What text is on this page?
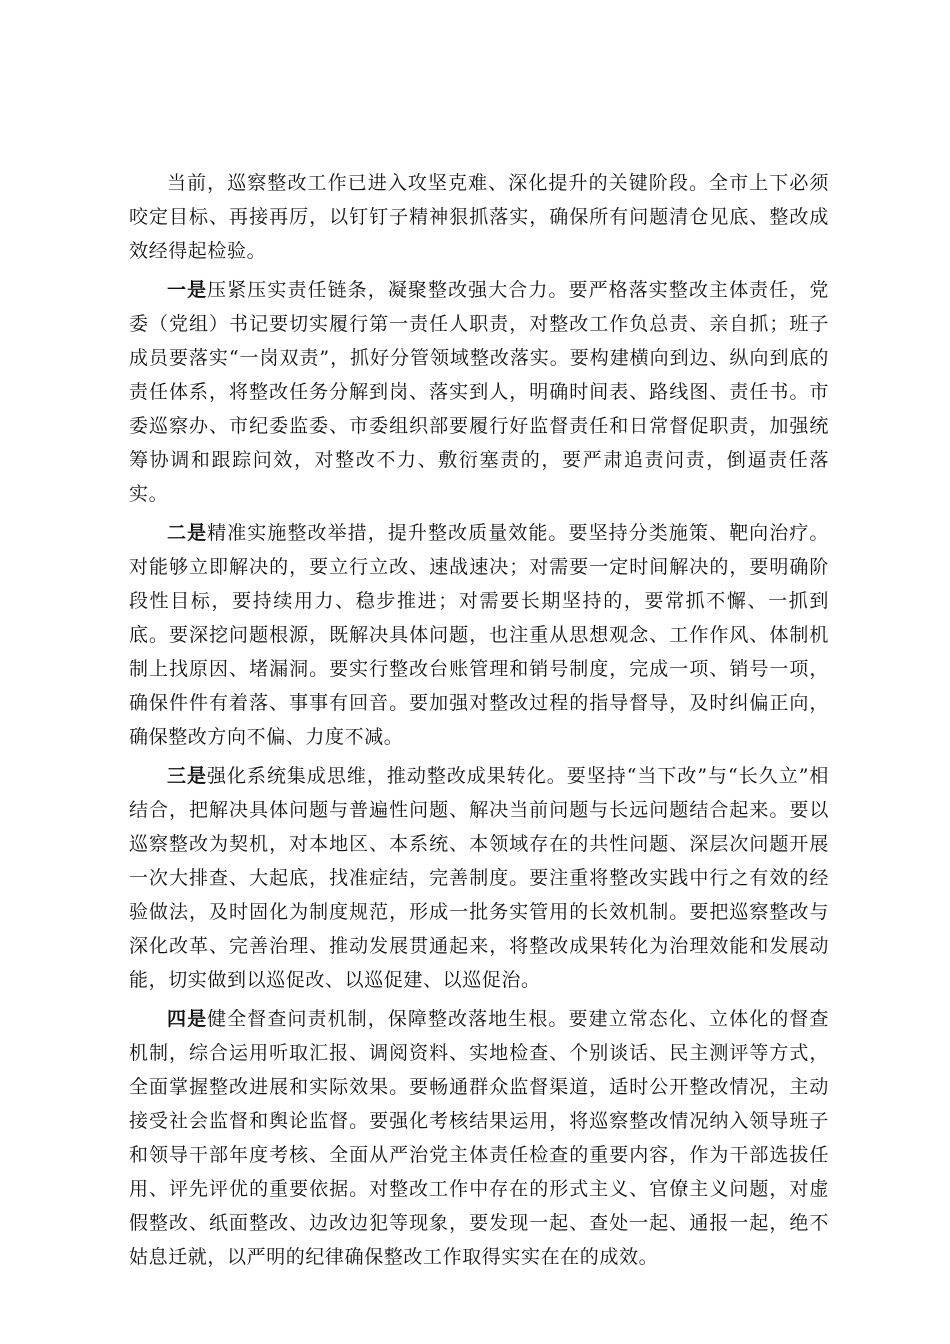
当前，巡察整改工作已进入攻坚克难、深化提升的关键阶段。全市上下必须咬定目标、再接再厉，以钉钉子精神狠抓落实，确保所有问题清仓见底、整改成效经得起检验。

一是压紧压实责任链条，凝聚整改强大合力。要严格落实整改主体责任，党委（党组）书记要切实履行第一责任人职责，对整改工作负总责、亲自抓；班子成员要落实“一岗双责”，抓好分管领域整改落实。要构建横向到边、纵向到底的责任体系，将整改任务分解到岗、落实到人，明确时间表、路线图、责任书。市委巡察办、市纪委监委、市委组织部要履行好监督责任和日常督促职责，加强统筹协调和跟踪问效，对整改不力、敷衍塞责的，要严肃追责问责，倒逼责任落实。

二是精准实施整改举措，提升整改质量效能。要坚持分类施策、靶向治疗。对能够立即解决的，要立行立改、速战速决；对需要一定时间解决的，要明确阶段性目标，要持续用力、稳步推进；对需要长期坚持的，要常抓不懈、一抓到底。要深挖问题根源，既解决具体问题，也注重从思想观念、工作作风、体制机制上找原因、堵漏洞。要实行整改台账管理和销号制度，完成一项、销号一项，确保件件有着落、事事有回音。要加强对整改过程的指导督导，及时纠偏正向，确保整改方向不偏、力度不减。

三是强化系统集成思维，推动整改成果转化。要坚持“当下改”与“长久立”相结合，把解决具体问题与普遍性问题、解决当前问题与长远问题结合起来。要以巡察整改为契机，对本地区、本系统、本领域存在的共性问题、深层次问题开展一次大排查、大起底，找准症结，完善制度。要注重将整改实践中行之有效的经验做法，及时固化为制度规范，形成一批务实管用的长效机制。要把巡察整改与深化改革、完善治理、推动发展贯通起来，将整改成果转化为治理效能和发展动能，切实做到以巡促改、以巡促建、以巡促治。

四是健全督查问责机制，保障整改落地生根。要建立常态化、立体化的督查机制，综合运用听取汇报、调阅资料、实地检查、个别谈话、民主测评等方式，全面掌握整改进展和实际效果。要畅通群众监督渠道，适时公开整改情况，主动接受社会监督和舆论监督。要强化考核结果运用，将巡察整改情况纳入领导班子和领导干部年度考核、全面从严治党主体责任检查的重要内容，作为干部选拔任用、评先评优的重要依据。对整改工作中存在的形式主义、官僚主义问题，对虚假整改、纸面整改、边改边犯等现象，要发现一起、查处一起、通报一起，绝不姑息迁就，以严明的纪律确保整改工作取得实实在在的成效。
